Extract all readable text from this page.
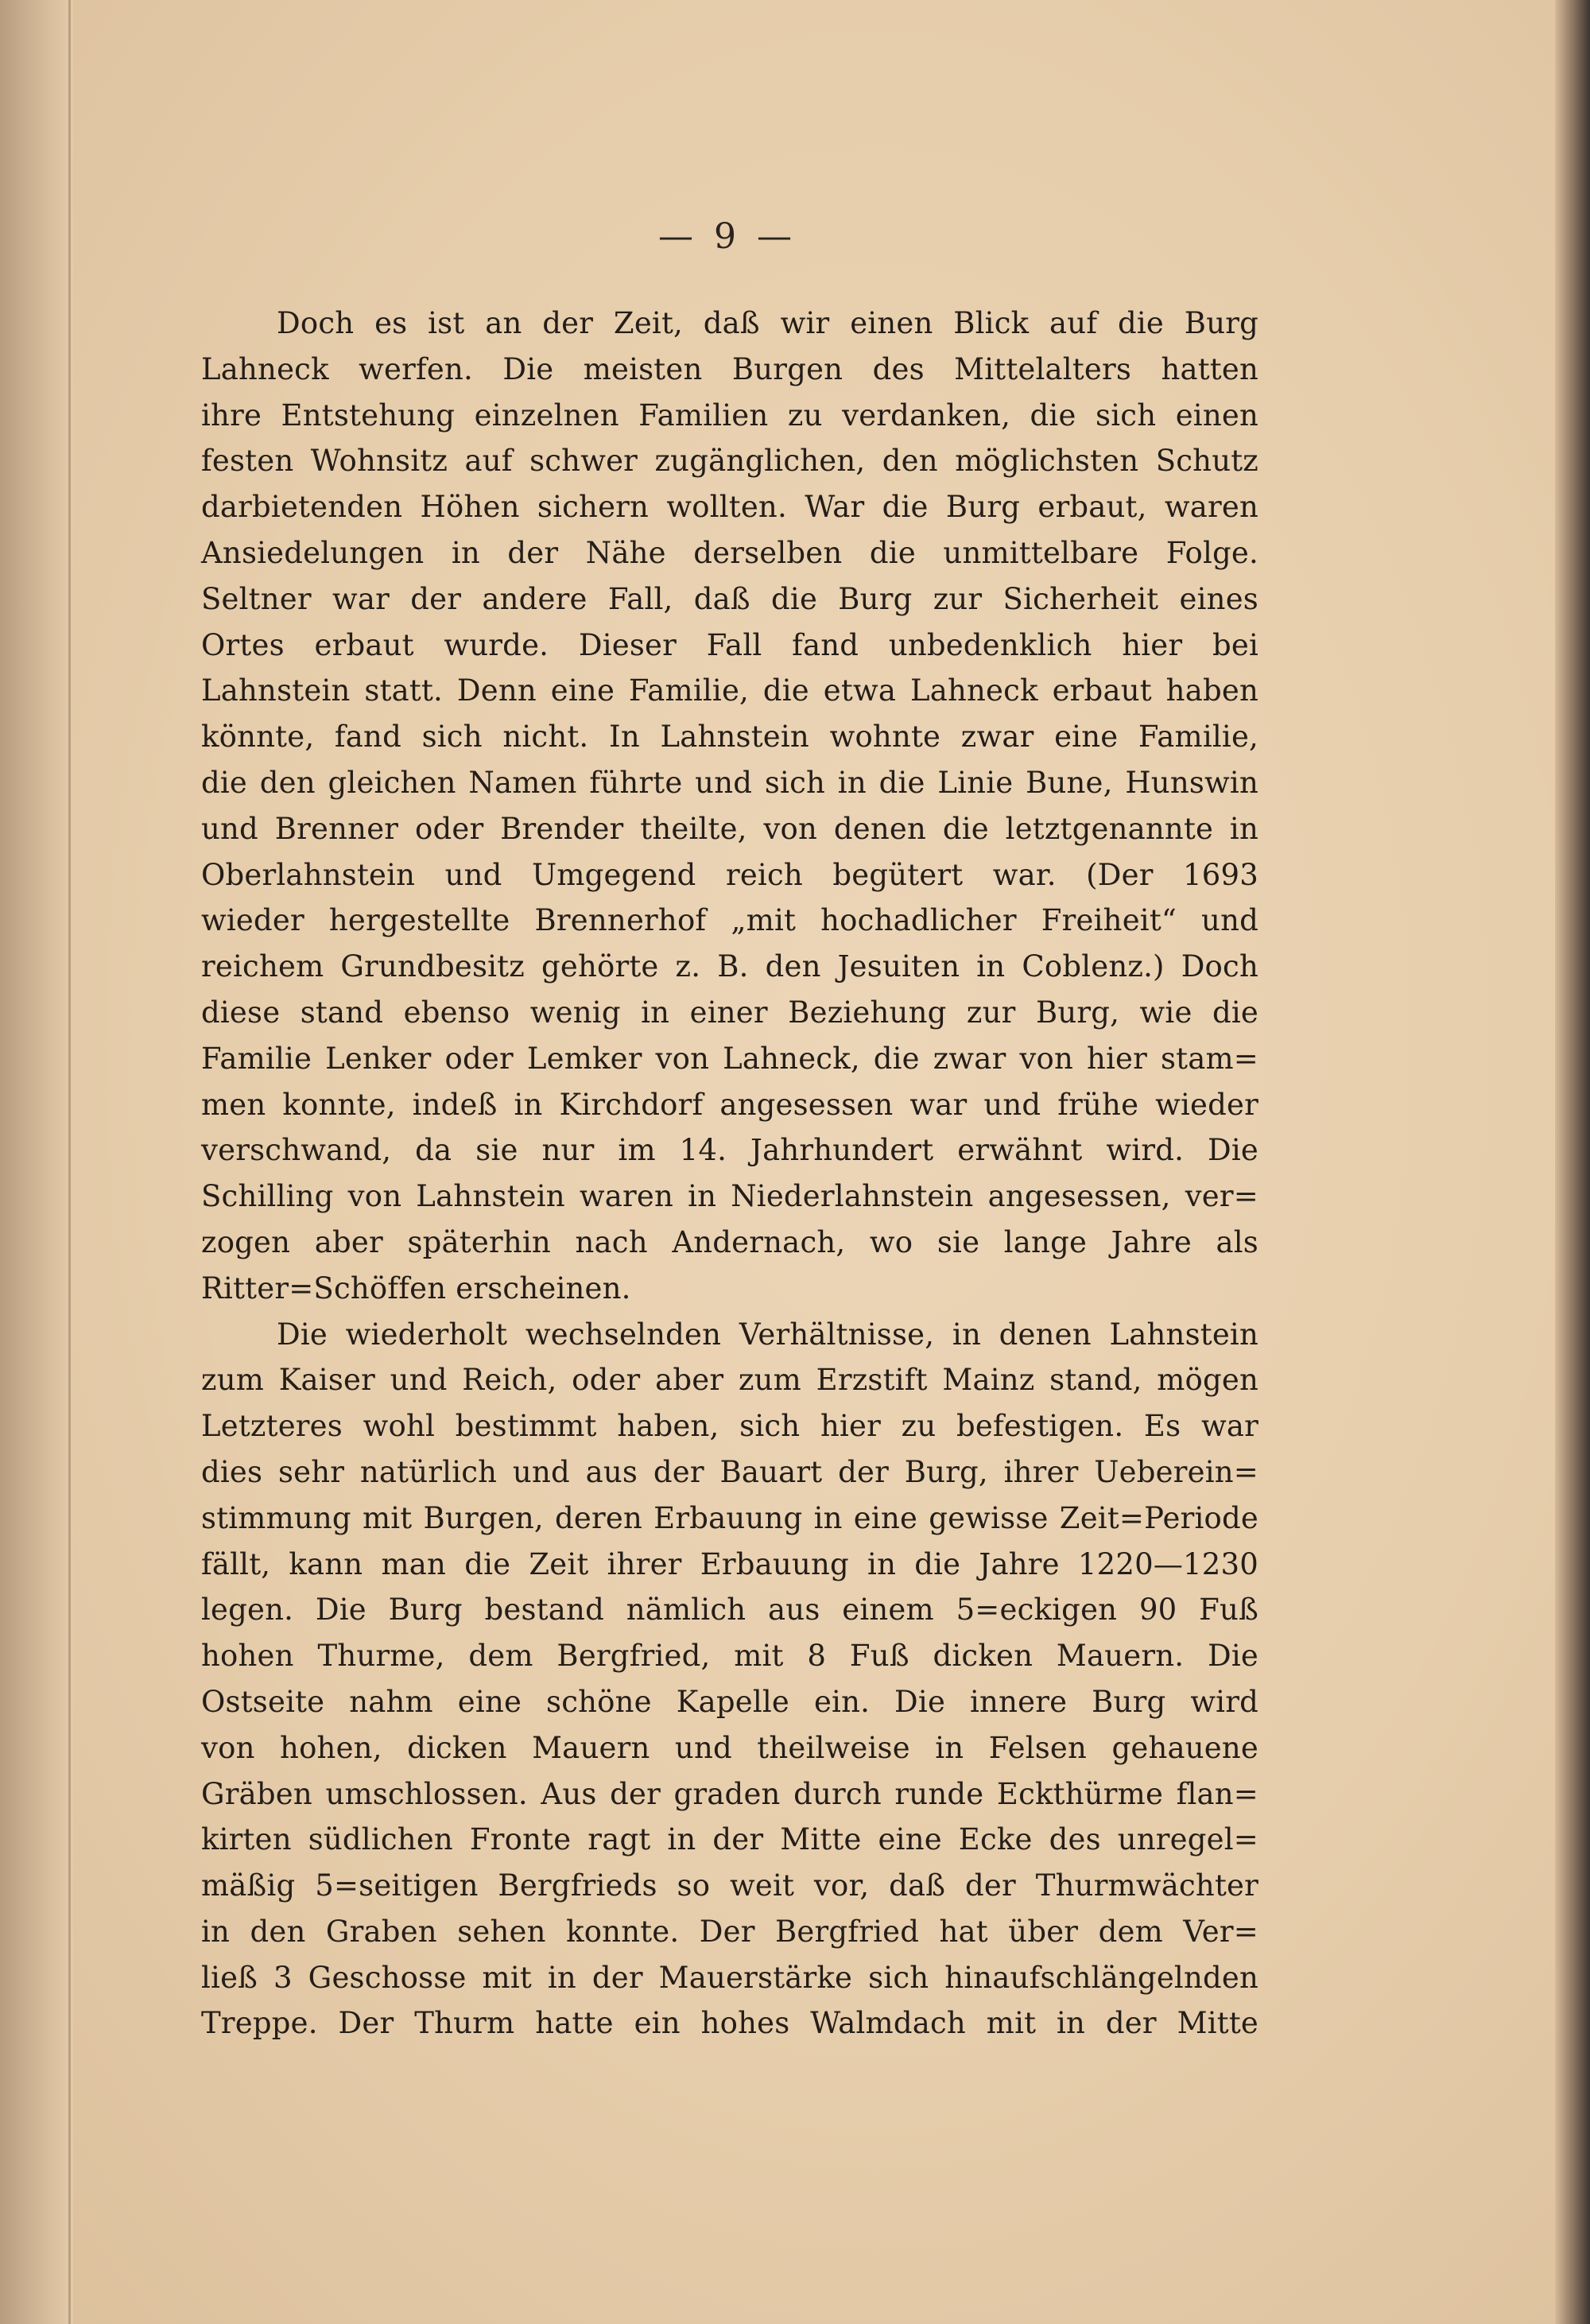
— 9 —
Doch es ist an der Zeit, daß wir einen Blick auf die Burg
Lahneck werfen. Die meisten Burgen des Mittelalters hatten
ihre Entstehung einzelnen Familien zu verdanken, die sich einen
festen Wohnsitz auf schwer zugänglichen, den möglichsten Schutz
darbietenden Höhen sichern wollten. War die Burg erbaut, waren
Ansiedelungen in der Nähe derselben die unmittelbare Folge.
Seltner war der andere Fall, daß die Burg zur Sicherheit eines
Ortes erbaut wurde. Dieser Fall fand unbedenklich hier bei
Lahnstein statt. Denn eine Familie, die etwa Lahneck erbaut haben
könnte, fand sich nicht. In Lahnstein wohnte zwar eine Familie,
die den gleichen Namen führte und sich in die Linie Bune, Hunswin
und Brenner oder Brender theilte, von denen die letztgenannte in
Oberlahnstein und Umgegend reich begütert war. (Der 1693
wieder hergestellte Brennerhof „mit hochadlicher Freiheit“ und
reichem Grundbesitz gehörte z. B. den Jesuiten in Coblenz.) Doch
diese stand ebenso wenig in einer Beziehung zur Burg, wie die
Familie Lenker oder Lemker von Lahneck, die zwar von hier stam=
men konnte, indeß in Kirchdorf angesessen war und frühe wieder
verschwand, da sie nur im 14. Jahrhundert erwähnt wird. Die
Schilling von Lahnstein waren in Niederlahnstein angesessen, ver=
zogen aber späterhin nach Andernach, wo sie lange Jahre als
Ritter=Schöffen erscheinen.
Die wiederholt wechselnden Verhältnisse, in denen Lahnstein
zum Kaiser und Reich, oder aber zum Erzstift Mainz stand, mögen
Letzteres wohl bestimmt haben, sich hier zu befestigen. Es war
dies sehr natürlich und aus der Bauart der Burg, ihrer Ueberein=
stimmung mit Burgen, deren Erbauung in eine gewisse Zeit=Periode
fällt, kann man die Zeit ihrer Erbauung in die Jahre 1220—1230
legen. Die Burg bestand nämlich aus einem 5=eckigen 90 Fuß
hohen Thurme, dem Bergfried, mit 8 Fuß dicken Mauern. Die
Ostseite nahm eine schöne Kapelle ein. Die innere Burg wird
von hohen, dicken Mauern und theilweise in Felsen gehauene
Gräben umschlossen. Aus der graden durch runde Eckthürme flan=
kirten südlichen Fronte ragt in der Mitte eine Ecke des unregel=
mäßig 5=seitigen Bergfrieds so weit vor, daß der Thurmwächter
in den Graben sehen konnte. Der Bergfried hat über dem Ver=
ließ 3 Geschosse mit in der Mauerstärke sich hinaufschlängelnden
Treppe. Der Thurm hatte ein hohes Walmdach mit in der Mitte
